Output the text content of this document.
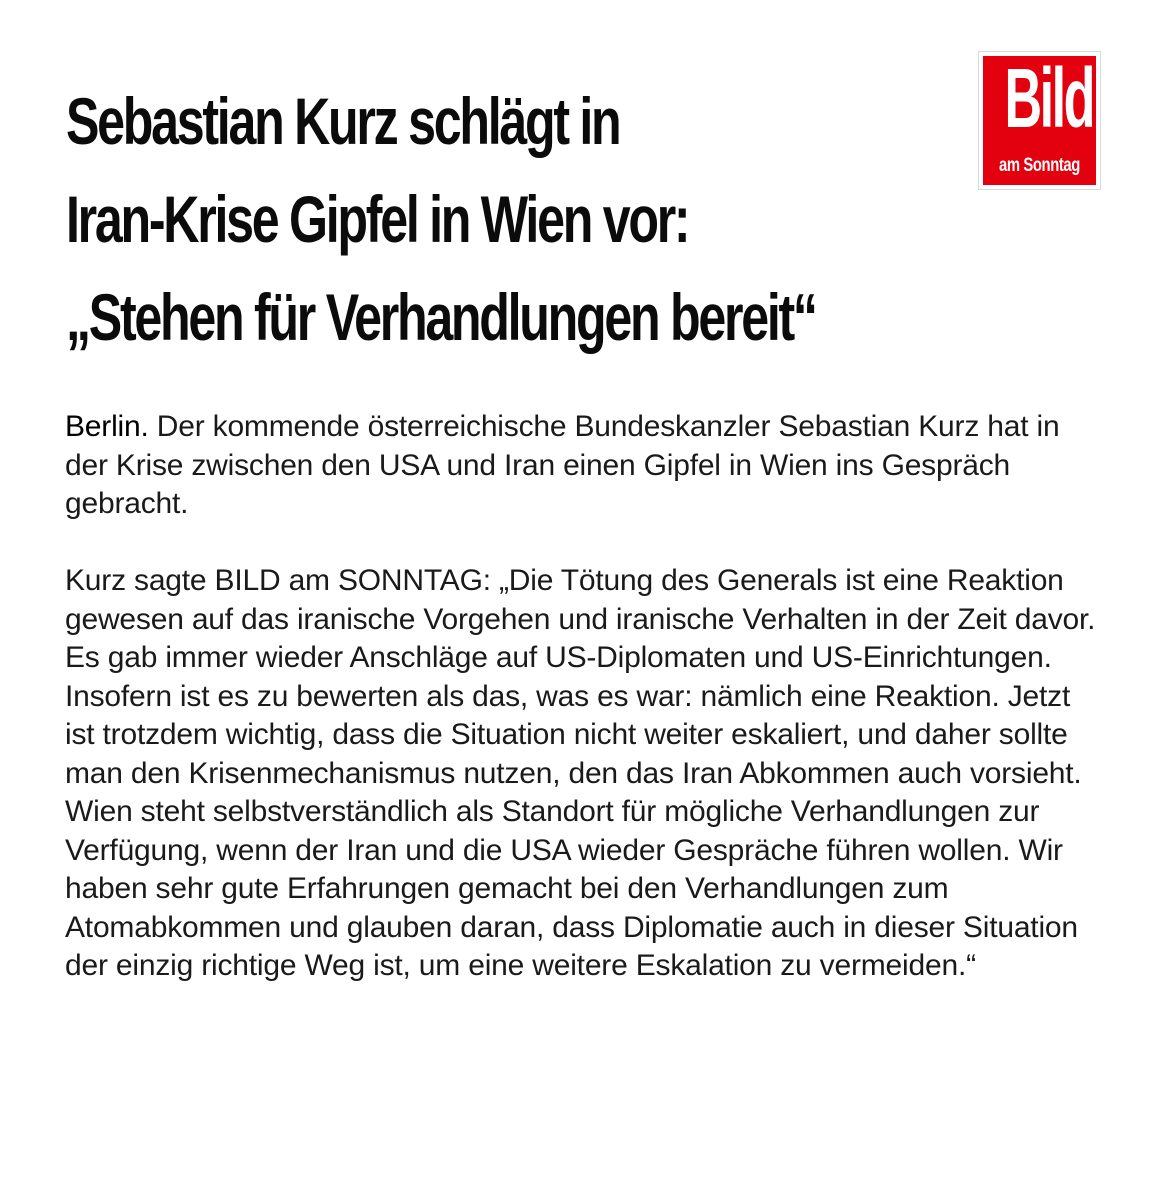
Sebastian Kurz schlägt in
Iran-Krise Gipfel in Wien vor:
„Stehen für Verhandlungen bereit“
Bild
am Sonntag

Berlin. Der kommende österreichische Bundeskanzler Sebastian Kurz hat in der Krise zwischen den USA und Iran einen Gipfel in Wien ins Gespräch gebracht.

Kurz sagte BILD am SONNTAG: „Die Tötung des Generals ist eine Reaktion gewesen auf das iranische Vorgehen und iranische Verhalten in der Zeit davor. Es gab immer wieder Anschläge auf US-Diplomaten und US-Einrichtungen. Insofern ist es zu bewerten als das, was es war: nämlich eine Reaktion. Jetzt ist trotzdem wichtig, dass die Situation nicht weiter eskaliert, und daher sollte man den Krisenmechanismus nutzen, den das Iran Abkommen auch vorsieht. Wien steht selbstverständlich als Standort für mögliche Verhandlungen zur Verfügung, wenn der Iran und die USA wieder Gespräche führen wollen. Wir haben sehr gute Erfahrungen gemacht bei den Verhandlungen zum Atomabkommen und glauben daran, dass Diplomatie auch in dieser Situation der einzig richtige Weg ist, um eine weitere Eskalation zu vermeiden.“
